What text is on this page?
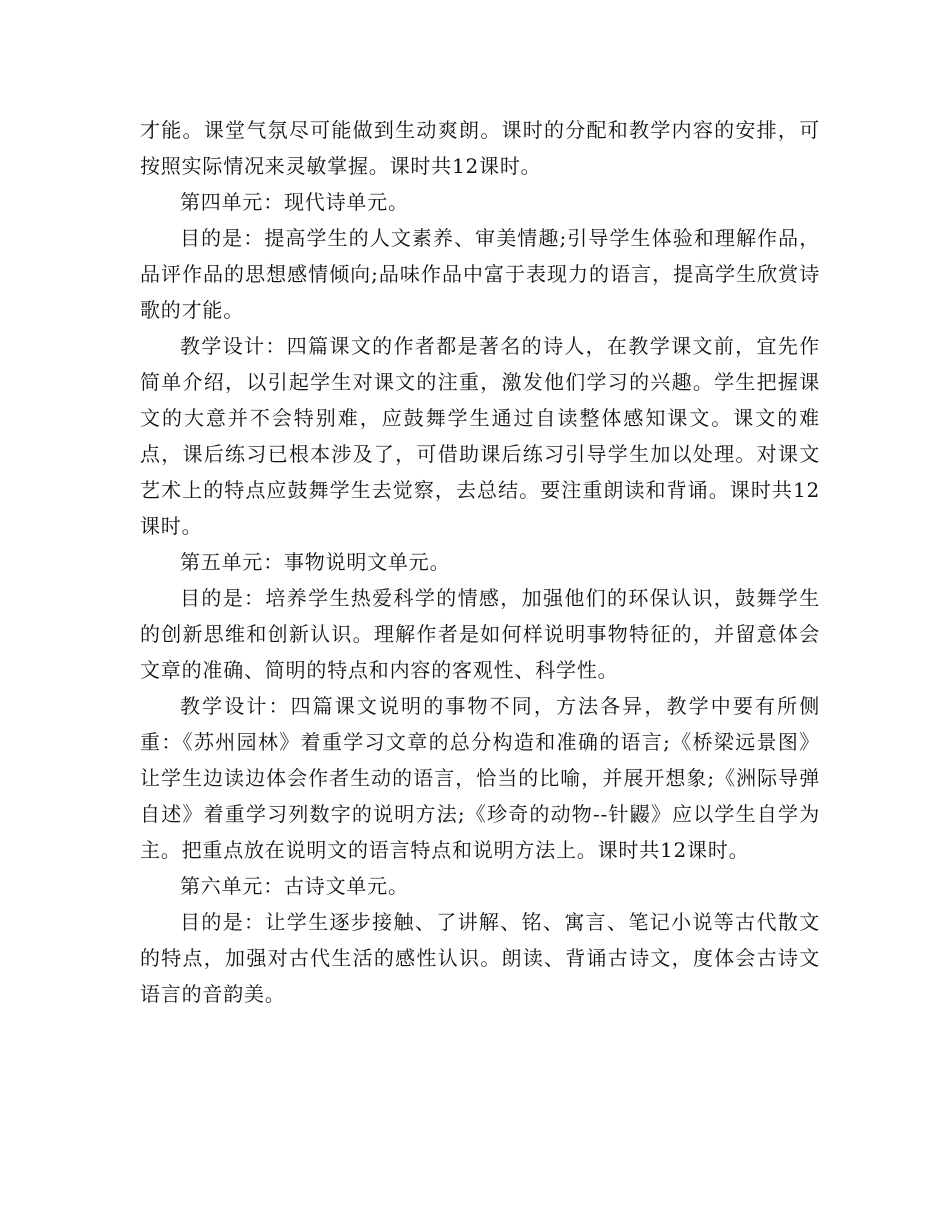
才能。课堂气氛尽可能做到生动爽朗。课时的分配和教学内容的安排，可按照实际情况来灵敏掌握。课时共12课时。

第四单元：现代诗单元。

目的是：提高学生的人文素养、审美情趣;引导学生体验和理解作品，品评作品的思想感情倾向;品味作品中富于表现力的语言，提高学生欣赏诗歌的才能。

教学设计：四篇课文的作者都是著名的诗人，在教学课文前，宜先作简单介绍，以引起学生对课文的注重，激发他们学习的兴趣。学生把握课文的大意并不会特别难，应鼓舞学生通过自读整体感知课文。课文的难点，课后练习已根本涉及了，可借助课后练习引导学生加以处理。对课文艺术上的特点应鼓舞学生去觉察，去总结。要注重朗读和背诵。课时共12课时。

第五单元：事物说明文单元。

目的是：培养学生热爱科学的情感，加强他们的环保认识，鼓舞学生的创新思维和创新认识。理解作者是如何样说明事物特征的，并留意体会文章的准确、简明的特点和内容的客观性、科学性。

教学设计：四篇课文说明的事物不同，方法各异，教学中要有所侧重：《苏州园林》着重学习文章的总分构造和准确的语言;《桥梁远景图》让学生边读边体会作者生动的语言，恰当的比喻，并展开想象;《洲际导弹自述》着重学习列数字的说明方法;《珍奇的动物--针鼹》应以学生自学为主。把重点放在说明文的语言特点和说明方法上。课时共12课时。

第六单元：古诗文单元。

目的是：让学生逐步接触、了讲解、铭、寓言、笔记小说等古代散文的特点，加强对古代生活的感性认识。朗读、背诵古诗文，度体会古诗文语言的音韵美。
